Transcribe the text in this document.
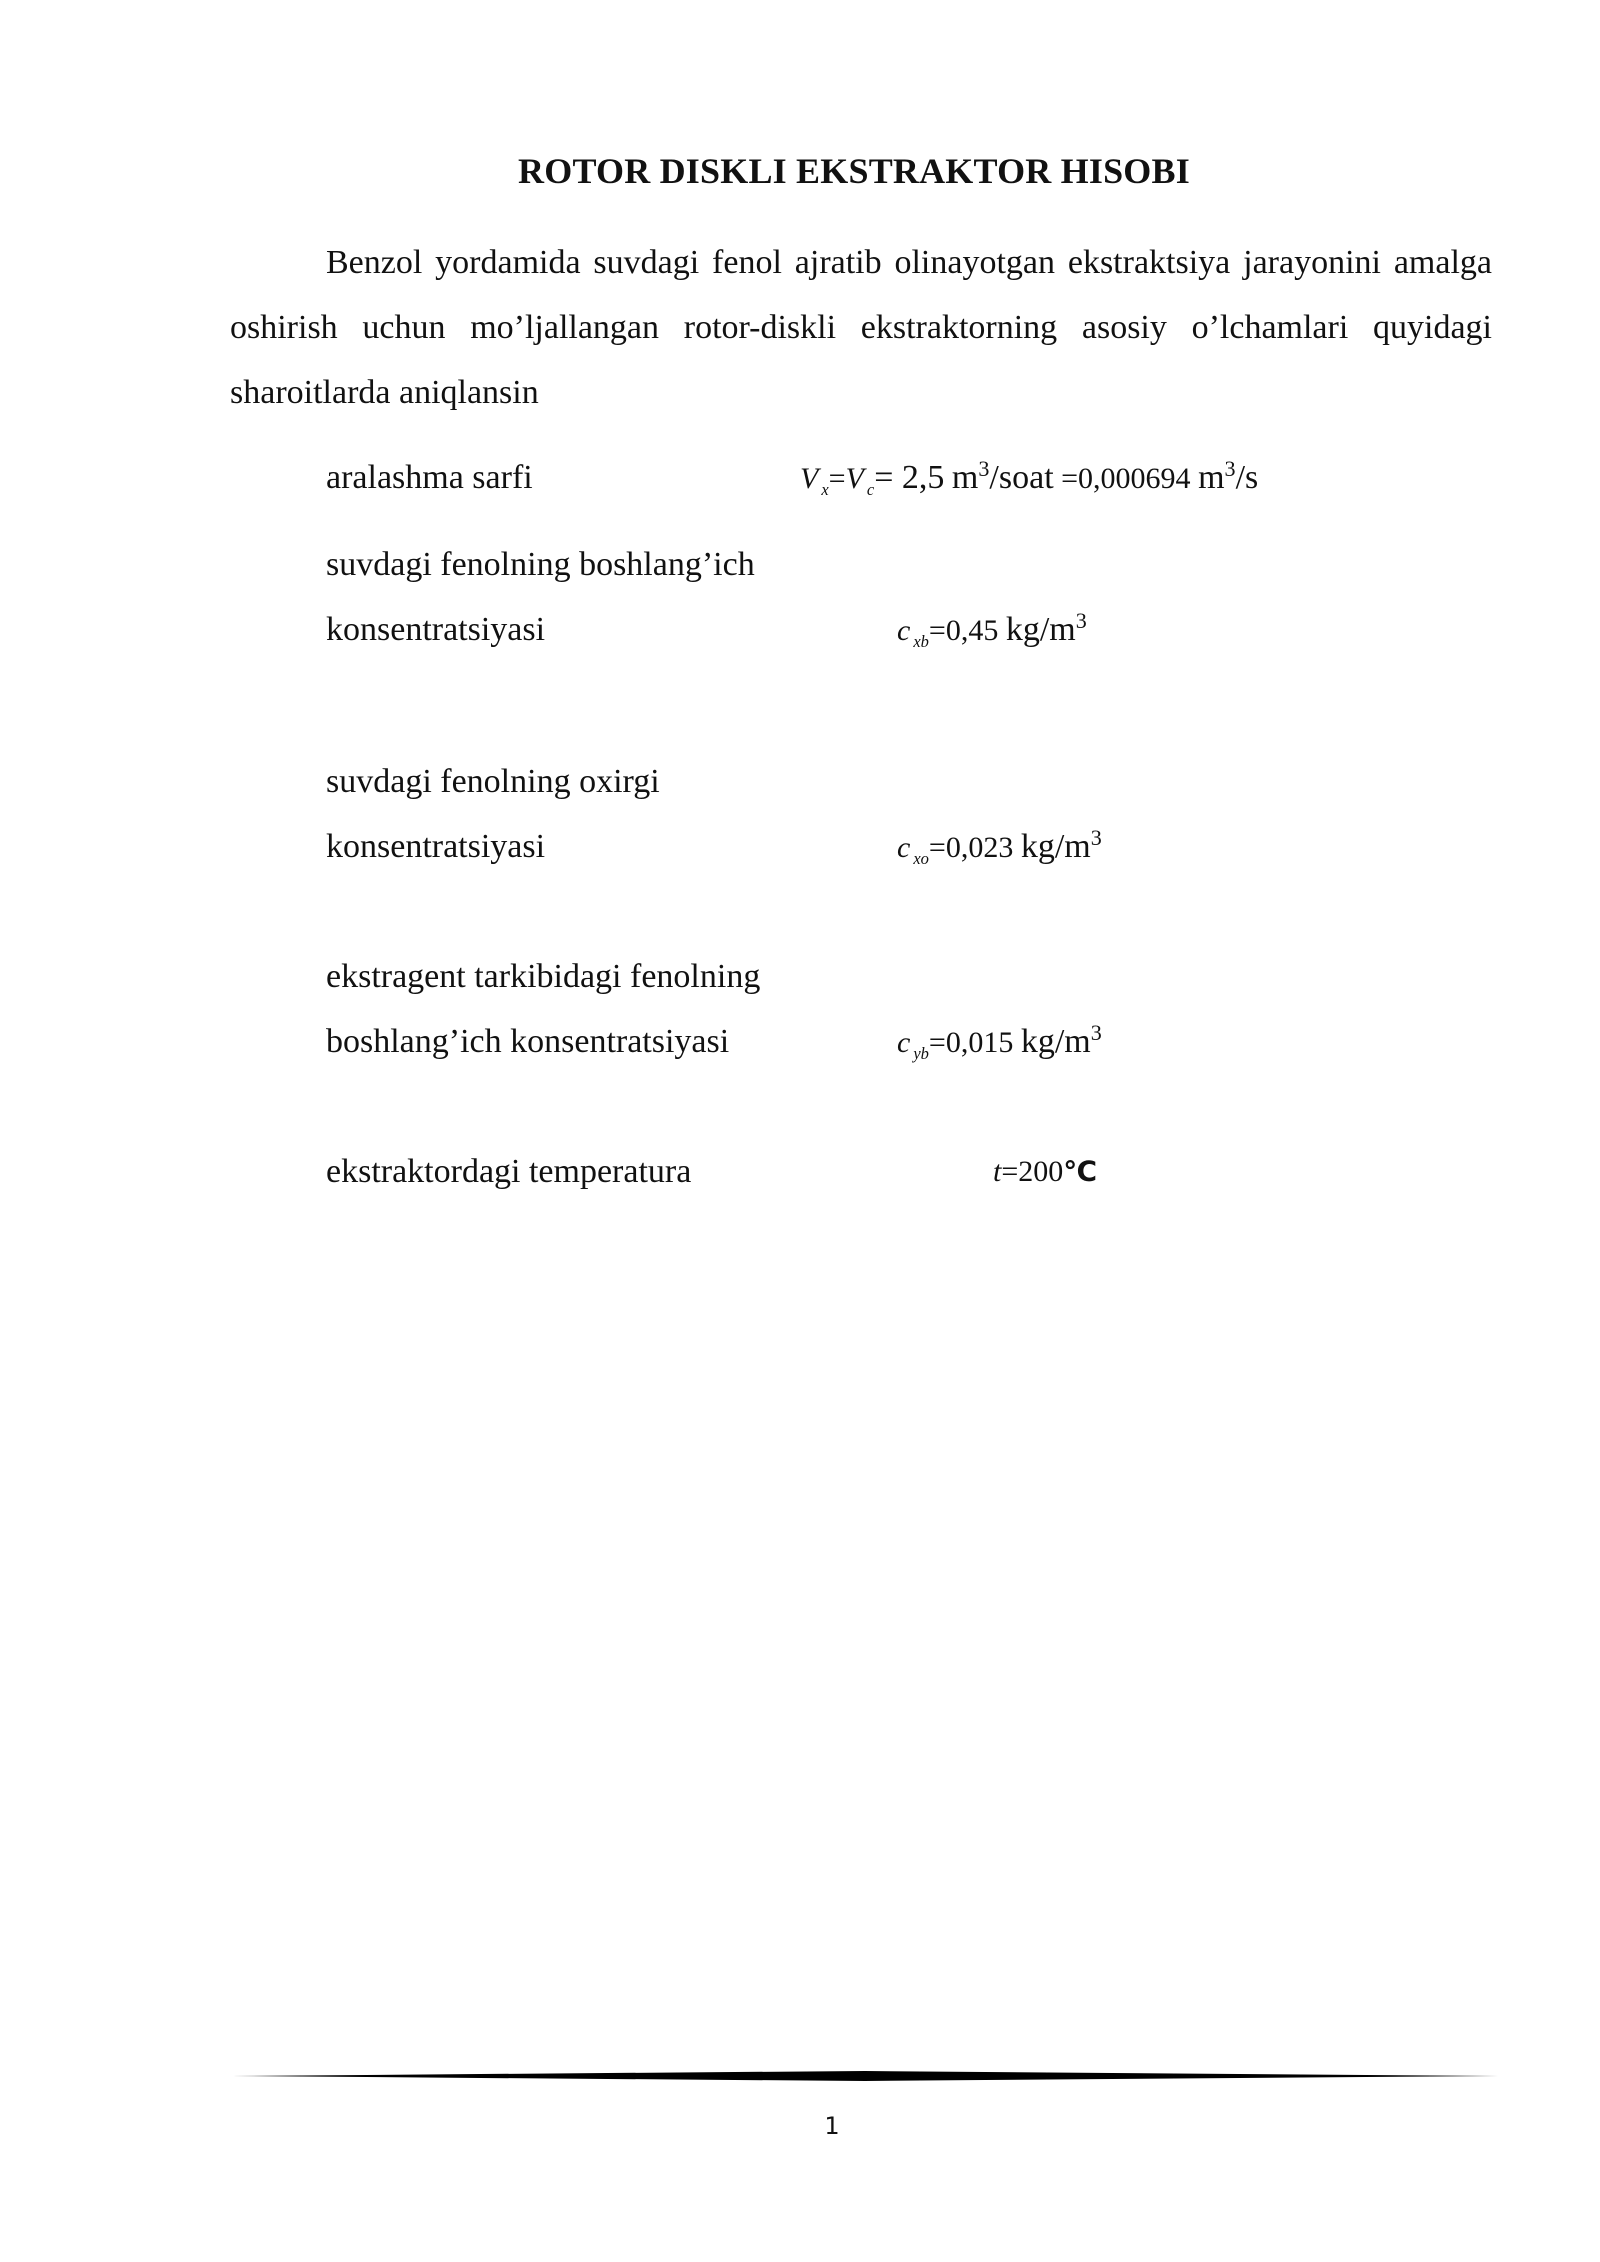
ROTOR DISKLI EKSTRAKTOR HISOBI

Benzol yordamida suvdagi fenol ajratib olinayotgan ekstraktsiya jarayonini amalga oshirish uchun mo’ljallangan rotor-diskli ekstraktorning asosiy o’lchamlari quyidagi sharoitlarda aniqlansin

aralashma sarfi	V $_x$=V $_c$= 2,5 $m^3$/soat =0,000694 $m^3/s$
suvdagi fenolning boshlang’ich
konsentratsiyasi	c $_{xb}$=0,45 $kg/m^3$
suvdagi fenolning oxirgi
konsentratsiyasi	c $_{xo}$=0,023 $kg/m^3$
ekstragent tarkibidagi fenolning
boshlang’ich konsentratsiyasi	c $_{yb}$=0,015 $kg/m^3$
ekstraktordagi temperatura	t=200℃
1
